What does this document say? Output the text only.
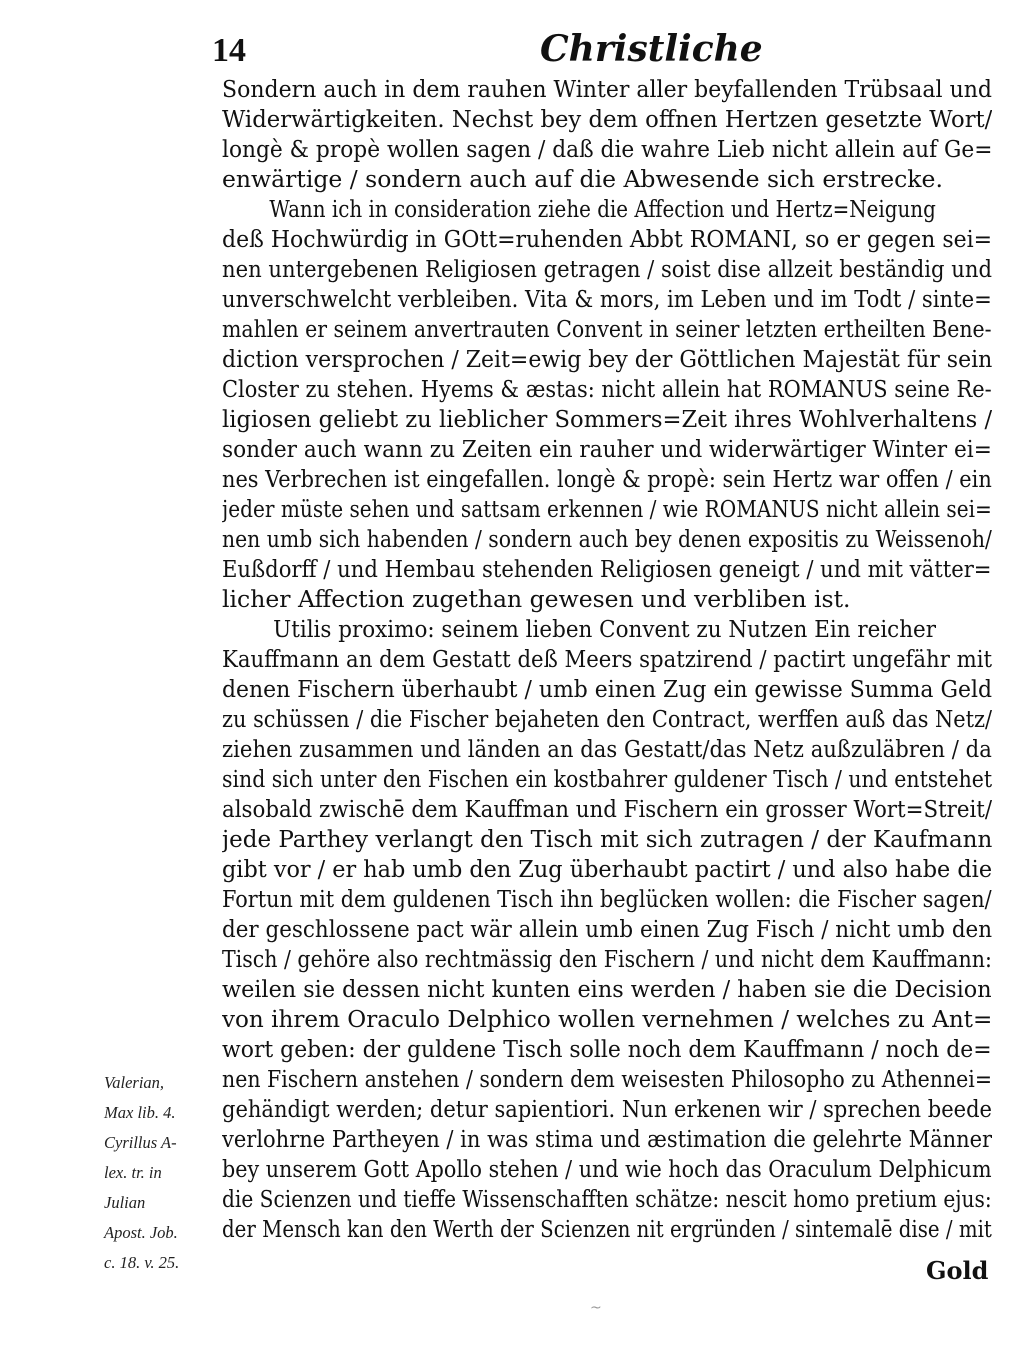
14	Christliche
Sondern auch in dem rauhen Winter aller beyfallenden Trübsaal und
Widerwärtigkeiten. Nechst bey dem offnen Hertzen gesetzte Wort/
longè & propè wollen sagen / daß die wahre Lieb nicht allein auf Ge=
enwärtige / sondern auch auf die Abwesende sich erstrecke.
Wann ich in consideration ziehe die Affection und Hertz=Neigung
deß Hochwürdig in GOtt=ruhenden Abbt ROMANI, so er gegen sei=
nen untergebenen Religiosen getragen / soist dise allzeit beständig und
unverschwelcht verbleiben. Vita & mors, im Leben und im Todt / sinte=
mahlen er seinem anvertrauten Convent in seiner letzten ertheilten Bene-
diction versprochen / Zeit=ewig bey der Göttlichen Majestät für sein
Closter zu stehen. Hyems & æstas: nicht allein hat ROMANUS seine Re-
ligiosen geliebt zu lieblicher Sommers=Zeit ihres Wohlverhaltens /
sonder auch wann zu Zeiten ein rauher und widerwärtiger Winter ei=
nes Verbrechen ist eingefallen. longè & propè: sein Hertz war offen / ein
jeder müste sehen und sattsam erkennen / wie ROMANUS nicht allein sei=
nen umb sich habenden / sondern auch bey denen expositis zu Weissenoh/
Eußdorff / und Hembau stehenden Religiosen geneigt / und mit vätter=
licher Affection zugethan gewesen und verbliben ist.
Utilis proximo: seinem lieben Convent zu Nutzen Ein reicher
Kauffmann an dem Gestatt deß Meers spatzirend / pactirt ungefähr mit
denen Fischern überhaubt / umb einen Zug ein gewisse Summa Geld
zu schüssen / die Fischer bejaheten den Contract, werffen auß das Netz/
ziehen zusammen und länden an das Gestatt/das Netz außzuläbren / da
sind sich unter den Fischen ein kostbahrer guldener Tisch / und entstehet
alsobald zwischē dem Kauffman und Fischern ein grosser Wort=Streit/
jede Parthey verlangt den Tisch mit sich zutragen / der Kaufmann
gibt vor / er hab umb den Zug überhaubt pactirt / und also habe die
Fortun mit dem guldenen Tisch ihn beglücken wollen: die Fischer sagen/
der geschlossene pact wär allein umb einen Zug Fisch / nicht umb den
Tisch / gehöre also rechtmässig den Fischern / und nicht dem Kauffmann:
weilen sie dessen nicht kunten eins werden / haben sie die Decision
von ihrem Oraculo Delphico wollen vernehmen / welches zu Ant=
wort geben: der guldene Tisch solle noch dem Kauffmann / noch de=
nen Fischern anstehen / sondern dem weisesten Philosopho zu Athennei=
gehändigt werden; detur sapientiori. Nun erkenen wir / sprechen beede
verlohrne Partheyen / in was stima und æstimation die gelehrte Männer
bey unserem Gott Apollo stehen / und wie hoch das Oraculum Delphicum
die Scienzen und tieffe Wissenschafften schätze: nescit homo pretium ejus:
der Mensch kan den Werth der Scienzen nit ergründen / sintemalē dise / mit
Valerian,
Max lib. 4.
Cyrillus A-
lex. tr. in
Julian
Apost. Job.
c. 18. v. 25.	Gold
~
